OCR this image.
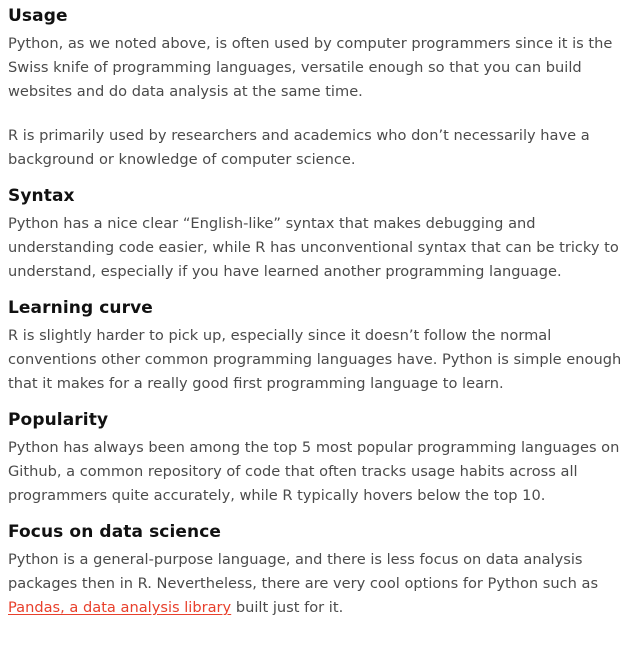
Usage

Python, as we noted above, is often used by computer programmers since it is the Swiss knife of programming languages, versatile enough so that you can build websites and do data analysis at the same time.

R is primarily used by researchers and academics who don’t necessarily have a background or knowledge of computer science.

Syntax

Python has a nice clear “English-like” syntax that makes debugging and understanding code easier, while R has unconventional syntax that can be tricky to understand, especially if you have learned another programming language.

Learning curve

R is slightly harder to pick up, especially since it doesn’t follow the normal conventions other common programming languages have. Python is simple enough that it makes for a really good first programming language to learn.

Popularity

Python has always been among the top 5 most popular programming languages on Github, a common repository of code that often tracks usage habits across all programmers quite accurately, while R typically hovers below the top 10.

Focus on data science

Python is a general-purpose language, and there is less focus on data analysis packages then in R. Nevertheless, there are very cool options for Python such as Pandas, a data analysis library built just for it.
